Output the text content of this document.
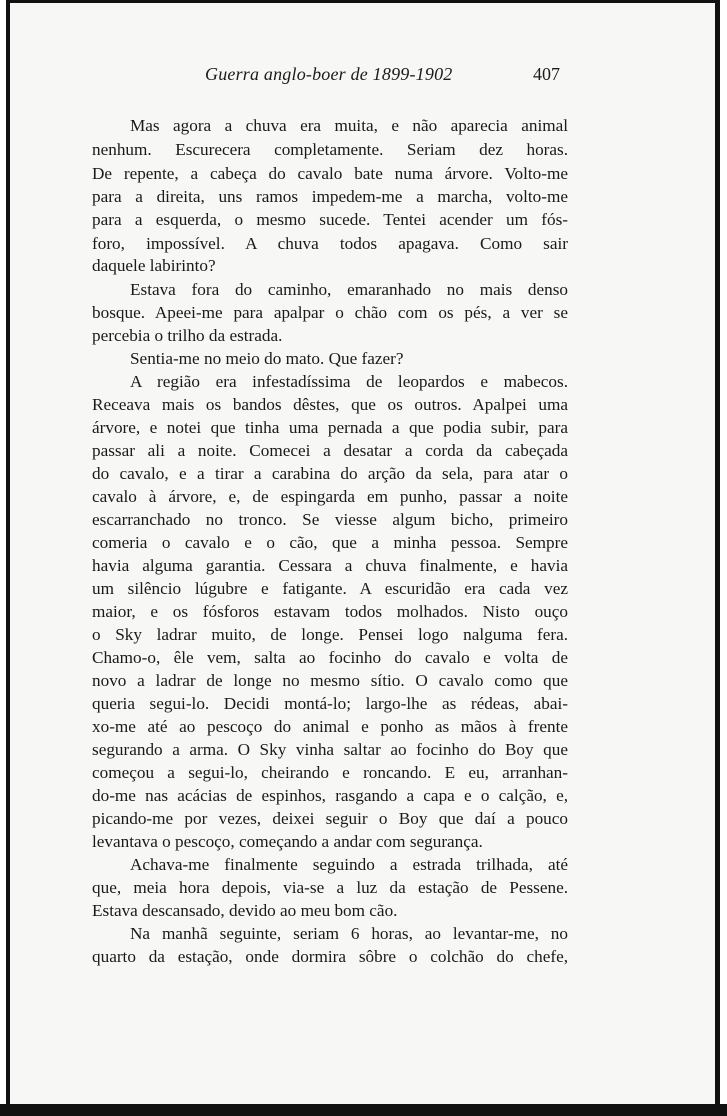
Guerra anglo-boer de 1899-1902	407
Mas agora a chuva era muita, e não aparecia animal
nenhum. Escurecera completamente. Seriam dez horas.
De repente, a cabeça do cavalo bate numa árvore. Volto-me
para a direita, uns ramos impedem-me a marcha, volto-me
para a esquerda, o mesmo sucede. Tentei acender um fós-
foro, impossível. A chuva todos apagava. Como sair
daquele labirinto?
Estava fora do caminho, emaranhado no mais denso
bosque. Apeei-me para apalpar o chão com os pés, a ver se
percebia o trilho da estrada.
Sentia-me no meio do mato. Que fazer?
A região era infestadíssima de leopardos e mabecos.
Receava mais os bandos dêstes, que os outros. Apalpei uma
árvore, e notei que tinha uma pernada a que podia subir, para
passar ali a noite. Comecei a desatar a corda da cabeçada
do cavalo, e a tirar a carabina do arção da sela, para atar o
cavalo à árvore, e, de espingarda em punho, passar a noite
escarranchado no tronco. Se viesse algum bicho, primeiro
comeria o cavalo e o cão, que a minha pessoa. Sempre
havia alguma garantia. Cessara a chuva finalmente, e havia
um silêncio lúgubre e fatigante. A escuridão era cada vez
maior, e os fósforos estavam todos molhados. Nisto ouço
o Sky ladrar muito, de longe. Pensei logo nalguma fera.
Chamo-o, êle vem, salta ao focinho do cavalo e volta de
novo a ladrar de longe no mesmo sítio. O cavalo como que
queria segui-lo. Decidi montá-lo; largo-lhe as rédeas, abai-
xo-me até ao pescoço do animal e ponho as mãos à frente
segurando a arma. O Sky vinha saltar ao focinho do Boy que
começou a segui-lo, cheirando e roncando. E eu, arranhan-
do-me nas acácias de espinhos, rasgando a capa e o calção, e,
picando-me por vezes, deixei seguir o Boy que daí a pouco
levantava o pescoço, começando a andar com segurança.
Achava-me finalmente seguindo a estrada trilhada, até
que, meia hora depois, via-se a luz da estação de Pessene.
Estava descansado, devido ao meu bom cão.
Na manhã seguinte, seriam 6 horas, ao levantar-me, no
quarto da estação, onde dormira sôbre o colchão do chefe,
